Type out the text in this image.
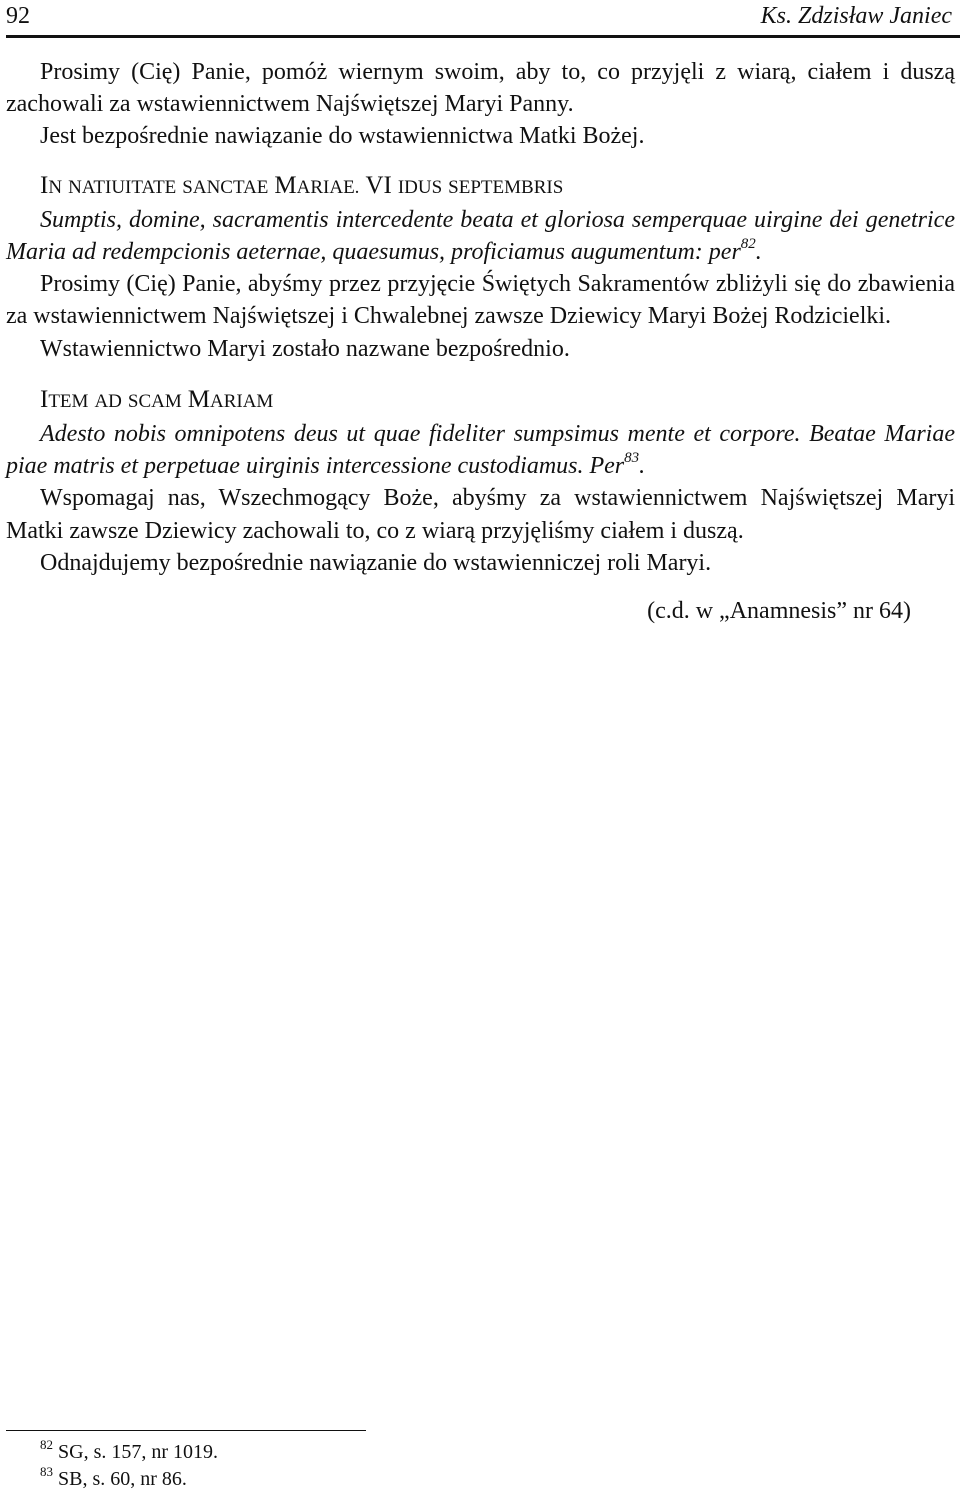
92	Ks. Zdzisław Janiec

Prosimy (Cię) Panie, pomóż wiernym swoim, aby to, co przyjęli z wiarą, ciałem i duszą zachowali za wstawiennictwem Najświętszej Maryi Panny.

Jest bezpośrednie nawiązanie do wstawiennictwa Matki Bożej.

IN NATIUITATE SANCTAE MARIAE. VI IDUS SEPTEMBRIS

Sumptis, domine, sacramentis intercedente beata et gloriosa semperquae uirgine dei genetrice Maria ad redempcionis aeternae, quaesumus, proficiamus augumentum: per$^{82}$.

Prosimy (Cię) Panie, abyśmy przez przyjęcie Świętych Sakramentów zbliżyli się do zbawienia za wstawiennictwem Najświętszej i Chwalebnej zawsze Dziewicy Maryi Bożej Rodzicielki.

Wstawiennictwo Maryi zostało nazwane bezpośrednio.

ITEM AD SCAM MARIAM

Adesto nobis omnipotens deus ut quae fideliter sumpsimus mente et corpore. Beatae Mariae piae matris et perpetuae uirginis intercessione custodiamus. Per$^{83}$.

Wspomagaj nas, Wszechmogący Boże, abyśmy za wstawiennictwem Najświętszej Maryi Matki zawsze Dziewicy zachowali to, co z wiarą przyjęliśmy ciałem i duszą.

Odnajdujemy bezpośrednie nawiązanie do wstawienniczej roli Maryi.

(c.d. w „Anamnesis” nr 64)

$^{82}$ SG, s. 157, nr 1019.
$^{83}$ SB, s. 60, nr 86.
